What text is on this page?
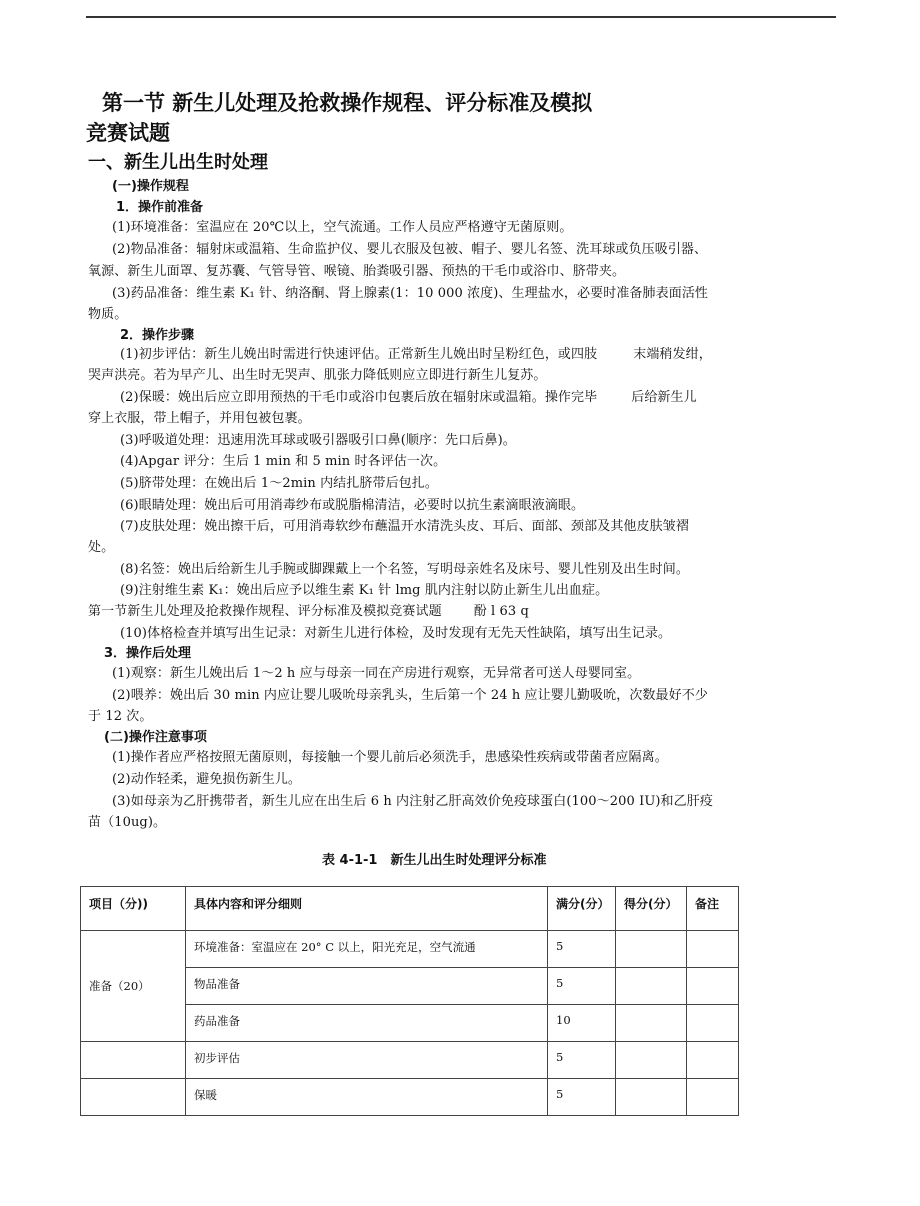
第一节 新生儿处理及抢救操作规程、评分标准及模拟
竞赛试题
一、新生儿出生时处理
(一)操作规程
1．操作前准备
(1)环境准备：室温应在 20℃以上，空气流通。工作人员应严格遵守无菌原则。
(2)物品准备：辐射床或温箱、生命监护仪、婴儿衣服及包被、帽子、婴儿名签、洗耳球或负压吸引器、
氧源、新生儿面罩、复苏囊、气管导管、喉镜、胎粪吸引器、预热的干毛巾或浴巾、脐带夹。
(3)药品准备：维生素 K₁ 针、纳洛酮、肾上腺素(1：10 000 浓度)、生理盐水，必要时准备肺表面活性
物质。
2．操作步骤
(1)初步评估：新生儿娩出时需进行快速评估。正常新生儿娩出时呈粉红色，或四肢	末端稍发绀，
哭声洪亮。若为早产儿、出生时无哭声、肌张力降低则应立即进行新生儿复苏。
(2)保暖：娩出后应立即用预热的干毛巾或浴巾包裹后放在辐射床或温箱。操作完毕	后给新生儿
穿上衣服，带上帽子，并用包被包裹。
(3)呼吸道处理：迅速用洗耳球或吸引器吸引口鼻(顺序：先口后鼻)。
(4)Apgar 评分：生后 1 min 和 5 min 时各评估一次。
(5)脐带处理：在娩出后 1～2min 内结扎脐带后包扎。
(6)眼睛处理：娩出后可用消毒纱布或脱脂棉清洁，必要时以抗生素滴眼液滴眼。
(7)皮肤处理：娩出擦干后，可用消毒软纱布蘸温开水清洗头皮、耳后、面部、颈部及其他皮肤皱褶
处。
(8)名签：娩出后给新生儿手腕或脚踝戴上一个名签，写明母亲姓名及床号、婴儿性别及出生时间。
(9)注射维生素 K₁：娩出后应予以维生素 K₁ 针 lmg 肌内注射以防止新生儿出血症。
第一节新生儿处理及抢救操作规程、评分标准及模拟竞赛试题 酚 l 63 q
(10)体格检查并填写出生记录：对新生儿进行体检，及时发现有无先天性缺陷，填写出生记录。
3．操作后处理
(1)观察：新生儿娩出后 1～2 h 应与母亲一同在产房进行观察，无异常者可送人母婴同室。
(2)喂养：娩出后 30 min 内应让婴儿吸吮母亲乳头，生后第一个 24 h 应让婴儿勤吸吮，次数最好不少
于 12 次。
(二)操作注意事项
(1)操作者应严格按照无菌原则，每接触一个婴儿前后必须洗手，患感染性疾病或带菌者应隔离。
(2)动作轻柔，避免损伤新生儿。
(3)如母亲为乙肝携带者，新生儿应在出生后 6 h 内注射乙肝高效价免疫球蛋白(100～200 IU)和乙肝疫
苗（10ug)。
表 4-1-1　新生儿出生时处理评分标准
项目（分))	具体内容和评分细则	满分(分）	得分(分）	备注
准备（20）	环境准备：室温应在 20° C 以上，阳光充足，空气流通	5		
	物品准备	5		
	药品准备	10		
	初步评估	5		
	保暖	5		
